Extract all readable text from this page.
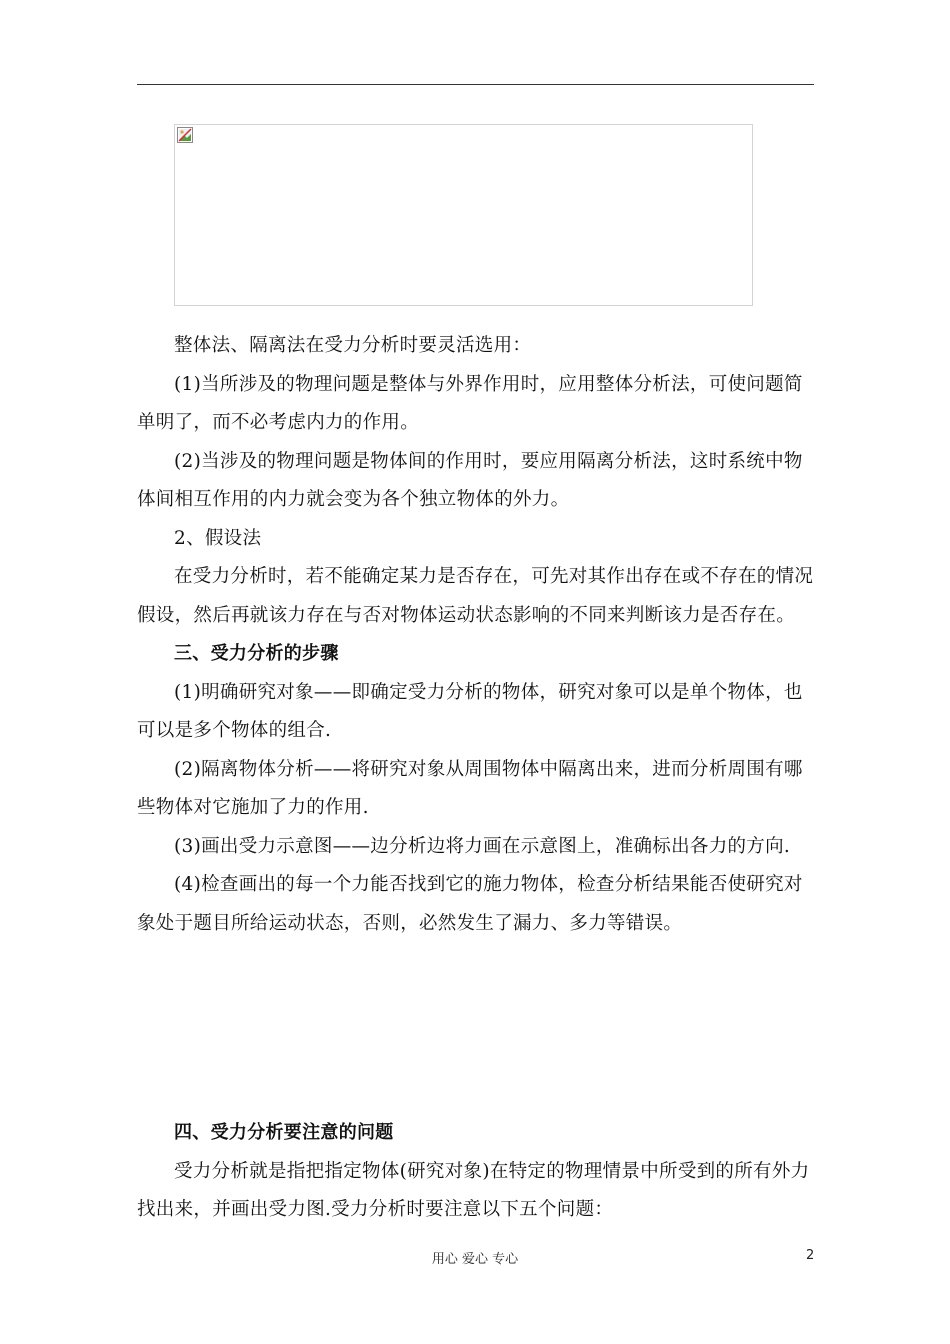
整体法、隔离法在受力分析时要灵活选用：

(1)当所涉及的物理问题是整体与外界作用时，应用整体分析法，可使问题简单明了，而不必考虑内力的作用。

(2)当涉及的物理问题是物体间的作用时，要应用隔离分析法，这时系统中物体间相互作用的内力就会变为各个独立物体的外力。

2、假设法

在受力分析时，若不能确定某力是否存在，可先对其作出存在或不存在的情况假设，然后再就该力存在与否对物体运动状态影响的不同来判断该力是否存在。

三、受力分析的步骤

(1)明确研究对象——即确定受力分析的物体，研究对象可以是单个物体，也可以是多个物体的组合.

(2)隔离物体分析——将研究对象从周围物体中隔离出来，进而分析周围有哪些物体对它施加了力的作用.

(3)画出受力示意图——边分析边将力画在示意图上，准确标出各力的方向.

(4)检查画出的每一个力能否找到它的施力物体，检查分析结果能否使研究对象处于题目所给运动状态，否则，必然发生了漏力、多力等错误。

四、受力分析要注意的问题

受力分析就是指把指定物体(研究对象)在特定的物理情景中所受到的所有外力找出来，并画出受力图.受力分析时要注意以下五个问题：

用心 爱心 专心	2
